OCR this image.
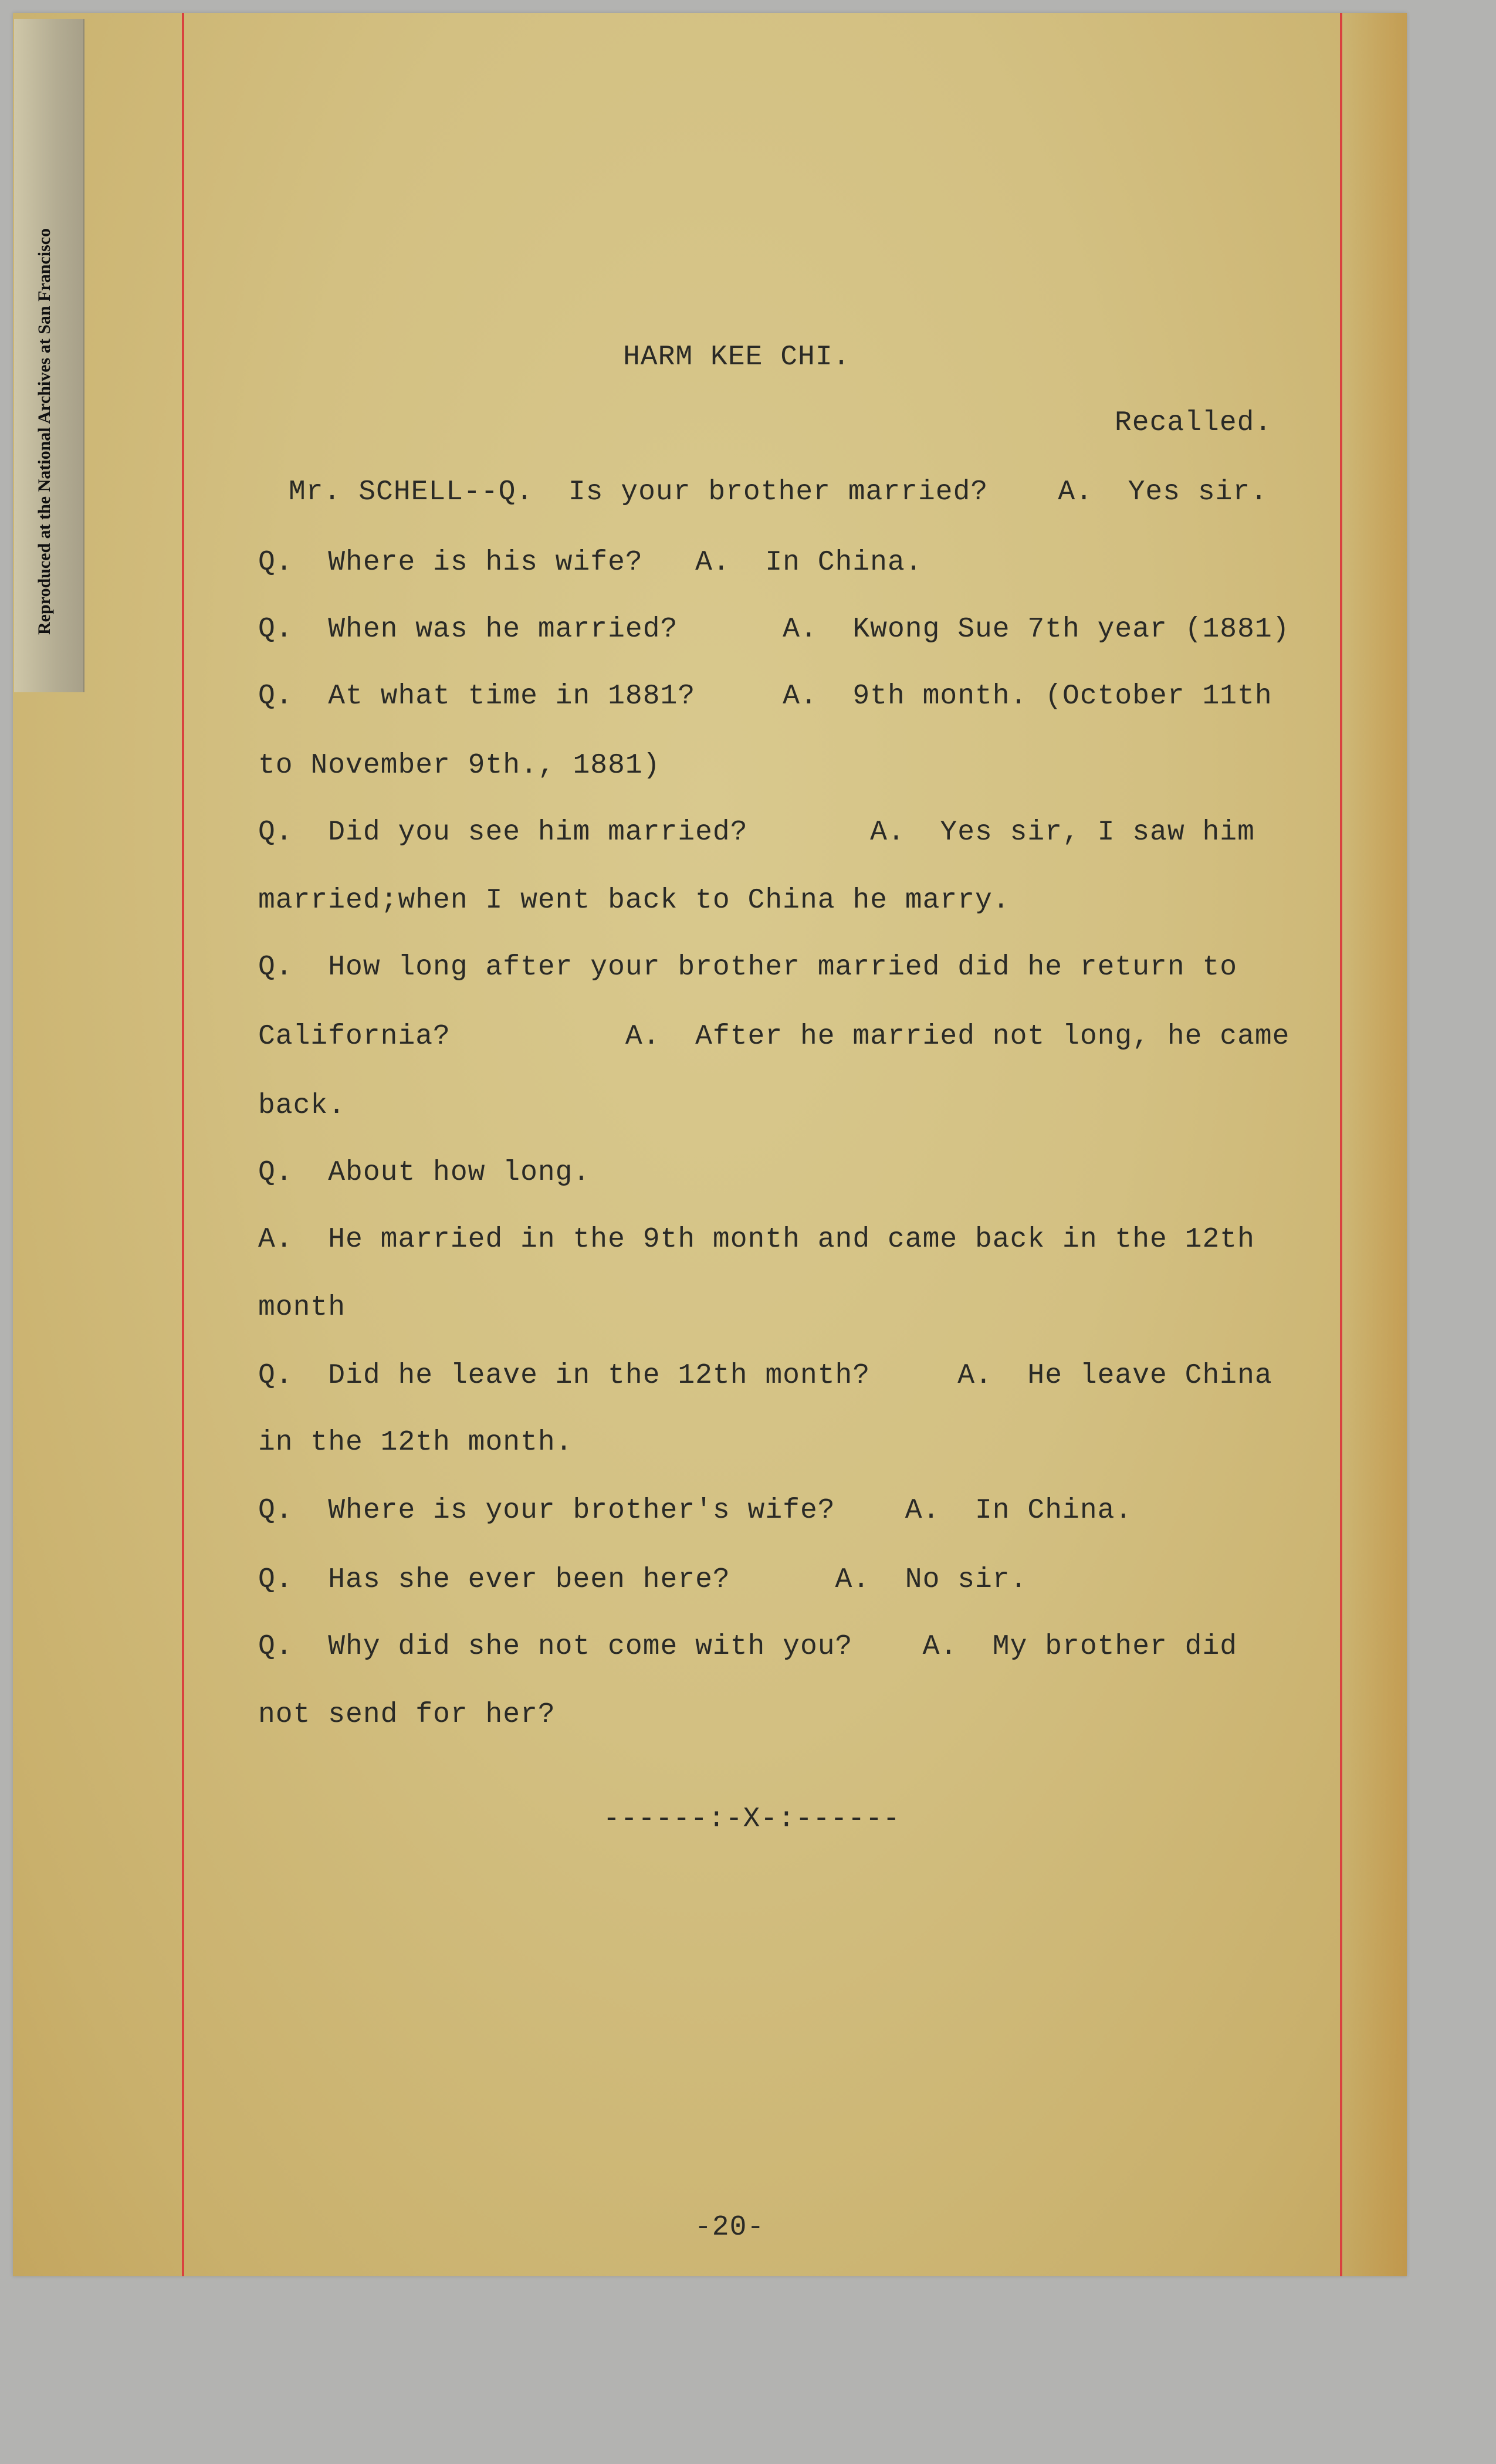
HARM KEE CHI.
Recalled.
Mr. SCHELL--Q.  Is your brother married?    A.  Yes sir.
Q.  Where is his wife?   A.  In China.
Q.  When was he married?      A.  Kwong Sue 7th year (1881)
Q.  At what time in 1881?     A.  9th month. (October 11th
to November 9th., 1881)
Q.  Did you see him married?       A.  Yes sir, I saw him
married;when I went back to China he marry.
Q.  How long after your brother married did he return to
California?          A.  After he married not long, he came
back.
Q.  About how long.
A.  He married in the 9th month and came back in the 12th
month
Q.  Did he leave in the 12th month?     A.  He leave China
in the 12th month.
Q.  Where is your brother's wife?    A.  In China.
Q.  Has she ever been here?      A.  No sir.
Q.  Why did she not come with you?    A.  My brother did
not send for her?
------:-X-:------
-20-
Reproduced at the National Archives at San Francisco
